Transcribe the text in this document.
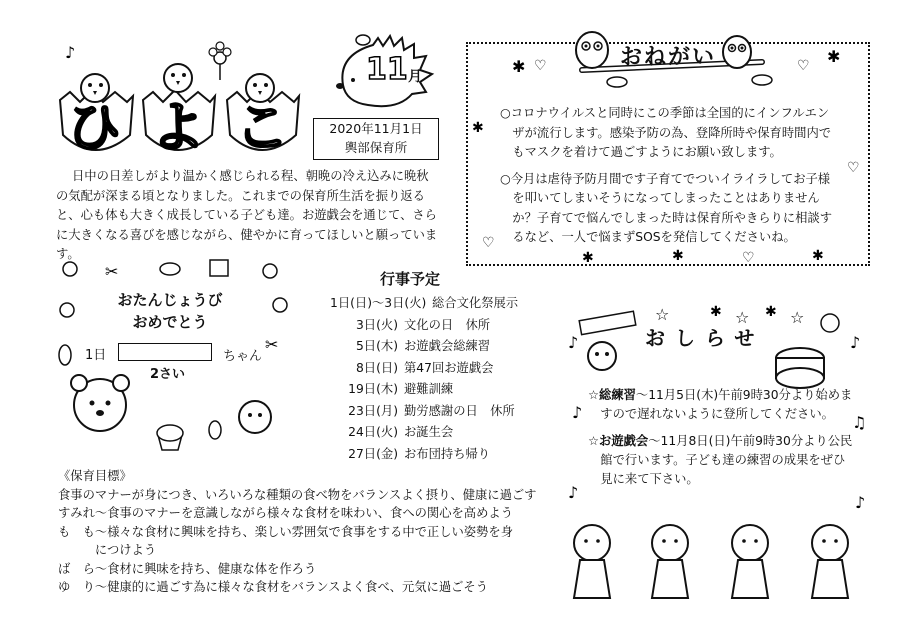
♪
ひ よ こ
11 月
2020年11月1日
輿部保育所
日中の日差しがより温かく感じられる程、朝晩の冷え込みに晩秋の気配が深まる頃となりました。これまでの保育所生活を振り返ると、心も体も大きく成長している子ども達。お遊戯会を通じて、さらに大きくなる喜びを感じながら、健やかに育ってほしいと願っています。
✱ ♡	♡ ✱
✱
♡
♡
✱	✱	♡	✱
おねがい

○コロナウイルスと同時にこの季節は全国的にインフルエンザが流行します。感染予防の為、登降所時や保育時間内でもマスクを着けて過ごすようにお願い致します。

○今月は虐待予防月間です子育てでついイライラしてお子様を叩いてしまいそうになってしまったことはありませんか？子育てで悩んでしまった時は保育所やきらりに相談するなど、一人で悩まずSOSを発信してくださいね。

✂
✂
おたんじょうび
おめでとう
1日	ちゃん
2さい
行事予定
1日(日)～3日(火) 総合文化祭展示
3日(火) 文化の日　休所
5日(木) お遊戯会総練習
8日(日) 第47回お遊戯会
19日(木) 避難訓練
23日(月) 勤労感謝の日　休所
24日(火) お誕生会
27日(金) お布団持ち帰り
《保育目標》
食事のマナーが身につき、いろいろな種類の食べ物をバランスよく摂り、健康に過ごす
すみれ～食事のマナーを意識しながら様々な食材を味わい、食への関心を高めよう
も　も～様々な食材に興味を持ち、楽しい雰囲気で食事をする中で正しい姿勢を身
　　　につけよう
ば　ら～食材に興味を持ち、健康な体を作ろう
ゆ　り～健康的に過ごす為に様々な食材をバランスよく食べ、元気に過ごそう
☆	✱ ☆ ✱ ☆
♪	♪
♪
♫
♪
♪
おしらせ

☆総練習～11月5日(木)午前9時30分より始めますので遅れないように登所してください。

☆お遊戯会～11月8日(日)午前9時30分より公民館で行います。子ども達の練習の成果をぜひ見に来て下さい。
